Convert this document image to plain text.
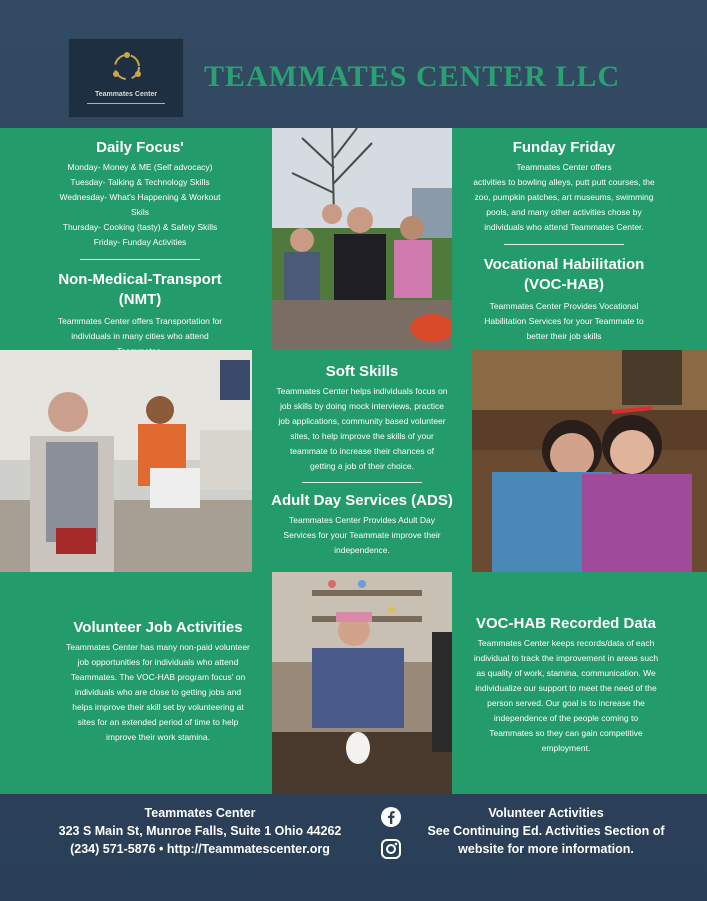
Teammates Center
TEAMMATES CENTER LLC
Daily Focus'
Monday- Money & ME (Self advocacy)
Tuesday- Talking & Technology Skills
Wednesday- What's Happening & Workout Skils
Thursday- Cooking (tasty) & Safety Skills
Friday- Funday Activities
Non-Medical-Transport
(NMT)
Teammates Center offers Transportation for
individuals in many cities who attend
Funday Friday
Teammates Center offers
activities to bowling alleys, putt putt courses, the
zoo, pumpkin patches, art museums, swimming
pools, and many other activities chose by
individuals who attend Teammates Center.
Vocational Habilitation
(VOC-HAB)
Teammates Center Provides Vocational
Habilitation Services for your Teammate to
better their job skills
Soft Skills
Teammates Center helps individuals focus on
job skills by doing mock interviews, practice
job applications, community based volunteer
sites, to help improve the skills of your
teammate to increase their chances of
getting a job of their choice.
Adult Day Services (ADS)
Teammates Center Provides Adult Day
Services for your Teammate improve their
independence.
Volunteer Job Activities
Teammates Center has many non-paid volunteer
job opportunities for individuals who attend
Teammates. The VOC-HAB program focus' on
individuals who are close to getting jobs and
helps improve their skill set by volunteering at
sites for an extended period of time to help
improve their work stamina.
VOC-HAB Recorded Data
Teammates Center keeps records/data of each
individual to track the improvement in areas such
as quality of work, stamina, communication. We
individualize our support to meet the need of the
person served. Our goal is to increase the
independence of the people coming to
Teammates so they can gain competitive
employment.
Teammates Center
323 S Main St, Munroe Falls, Suite 1 Ohio 44262
(234) 571-5876 • http://Teammatescenter.org
Volunteer Activities
See Continuing Ed. Activities Section of
website for more information.
